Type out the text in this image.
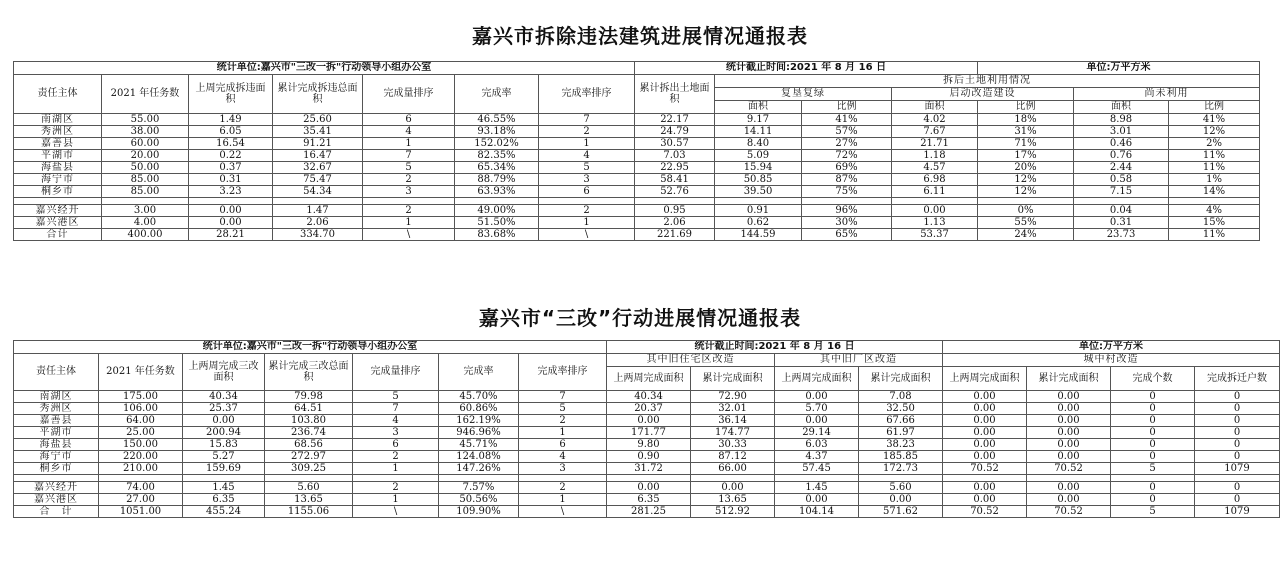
嘉兴市拆除违法建筑进展情况通报表
统计单位:嘉兴市"三改一拆"行动领导小组办公室							统计截止时间:2021 年 8 月 16 日				单位:万平方米		
责任主体	2021 年任务数	上周完成拆违面积	累计完成拆违总面积	完成量排序	完成率	完成率排序	累计拆出土地面积	拆后土地利用情况					
								复垦复绿		启动改造建设		尚未利用	
								面积	比例	面积	比例	面积	比例
南湖区	55.00	1.49	25.60	6	46.55%	7	22.17	9.17	41%	4.02	18%	8.98	41%
秀洲区	38.00	6.05	35.41	4	93.18%	2	24.79	14.11	57%	7.67	31%	3.01	12%
嘉善县	60.00	16.54	91.21	1	152.02%	1	30.57	8.40	27%	21.71	71%	0.46	2%
平湖市	20.00	0.22	16.47	7	82.35%	4	7.03	5.09	72%	1.18	17%	0.76	11%
海盐县	50.00	0.37	32.67	5	65.34%	5	22.95	15.94	69%	4.57	20%	2.44	11%
海宁市	85.00	0.31	75.47	2	88.79%	3	58.41	50.85	87%	6.98	12%	0.58	1%
桐乡市	85.00	3.23	54.34	3	63.93%	6	52.76	39.50	75%	6.11	12%	7.15	14%

嘉兴经开	3.00	0.00	1.47	2	49.00%	2	0.95	0.91	96%	0.00	0%	0.04	4%
嘉兴港区	4.00	0.00	2.06	1	51.50%	1	2.06	0.62	30%	1.13	55%	0.31	15%
合计	400.00	28.21	334.70	\	83.68%	\	221.69	144.59	65%	53.37	24%	23.73	11%
嘉兴市“三改”行动进展情况通报表
统计单位:嘉兴市"三改一拆"行动领导小组办公室							统计截止时间:2021 年 8 月 16 日				单位:万平方米			
责任主体	2021 年任务数	上两周完成三改面积	累计完成三改总面积	完成量排序	完成率	完成率排序	其中旧住宅区改造		其中旧厂区改造		城中村改造			
							上两周完成面积	累计完成面积	上两周完成面积	累计完成面积	上两周完成面积	累计完成面积	完成个数	完成拆迁户数
南湖区	175.00	40.34	79.98	5	45.70%	7	40.34	72.90	0.00	7.08	0.00	0.00	0	0
秀洲区	106.00	25.37	64.51	7	60.86%	5	20.37	32.01	5.70	32.50	0.00	0.00	0	0
嘉善县	64.00	0.00	103.80	4	162.19%	2	0.00	36.14	0.00	67.66	0.00	0.00	0	0
平湖市	25.00	200.94	236.74	3	946.96%	1	171.77	174.77	29.14	61.97	0.00	0.00	0	0
海盐县	150.00	15.83	68.56	6	45.71%	6	9.80	30.33	6.03	38.23	0.00	0.00	0	0
海宁市	220.00	5.27	272.97	2	124.08%	4	0.90	87.12	4.37	185.85	0.00	0.00	0	0
桐乡市	210.00	159.69	309.25	1	147.26%	3	31.72	66.00	57.45	172.73	70.52	70.52	5	1079

嘉兴经开	74.00	1.45	5.60	2	7.57%	2	0.00	0.00	1.45	5.60	0.00	0.00	0	0
嘉兴港区	27.00	6.35	13.65	1	50.56%	1	6.35	13.65	0.00	0.00	0.00	0.00	0	0
合　计	1051.00	455.24	1155.06	\	109.90%	\	281.25	512.92	104.14	571.62	70.52	70.52	5	1079
